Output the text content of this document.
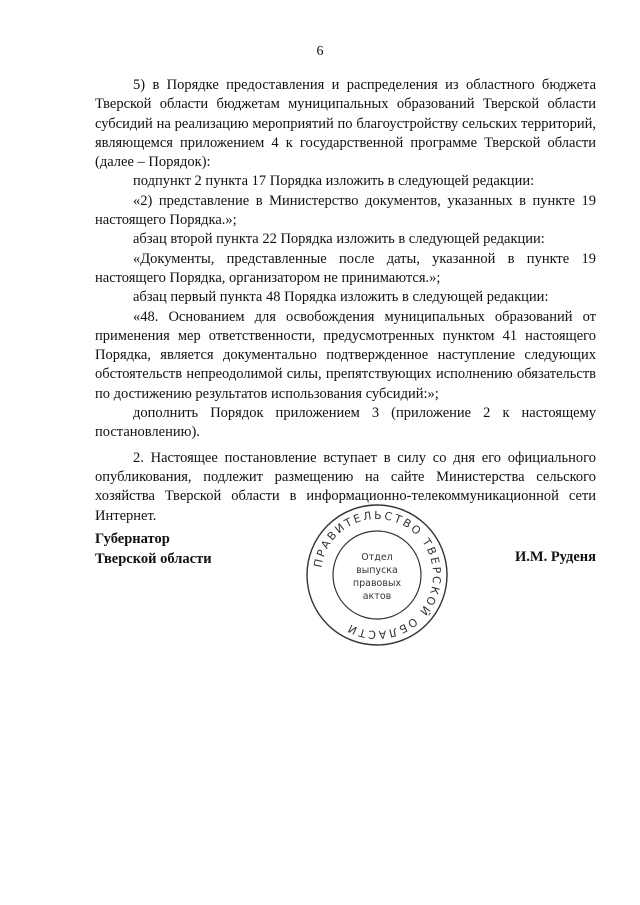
6

5) в Порядке предоставления и распределения из областного бюджета Тверской области бюджетам муниципальных образований Тверской области субсидий на реализацию мероприятий по благоустройству сельских территорий, являющемся приложением 4 к государственной программе Тверской области (далее – Порядок):

подпункт 2 пункта 17 Порядка изложить в следующей редакции:

«2) представление в Министерство документов, указанных в пункте 19 настоящего Порядка.»;

абзац второй пункта 22 Порядка изложить в следующей редакции:

«Документы, представленные после даты, указанной в пункте 19 настоящего Порядка, организатором не принимаются.»;

абзац первый пункта 48 Порядка изложить в следующей редакции:

«48. Основанием для освобождения муниципальных образований от применения мер ответственности, предусмотренных пунктом 41 настоящего Порядка, является документально подтвержденное наступление следующих обстоятельств непреодолимой силы, препятствующих исполнению обязательств по достижению результатов использования субсидий:»;

дополнить Порядок приложением 3 (приложение 2 к настоящему постановлению).

2. Настоящее постановление вступает в силу со дня его официального опубликования, подлежит размещению на сайте Министерства сельского хозяйства Тверской области в информационно-телекоммуникационной сети Интернет.

Губернатор
Тверской области	ПРАВИТЕЛЬСТВО ТВЕРСКОЙ ОБЛАСТИ
Отдел
выпуска
правовых
актов
И.М. Руденя
